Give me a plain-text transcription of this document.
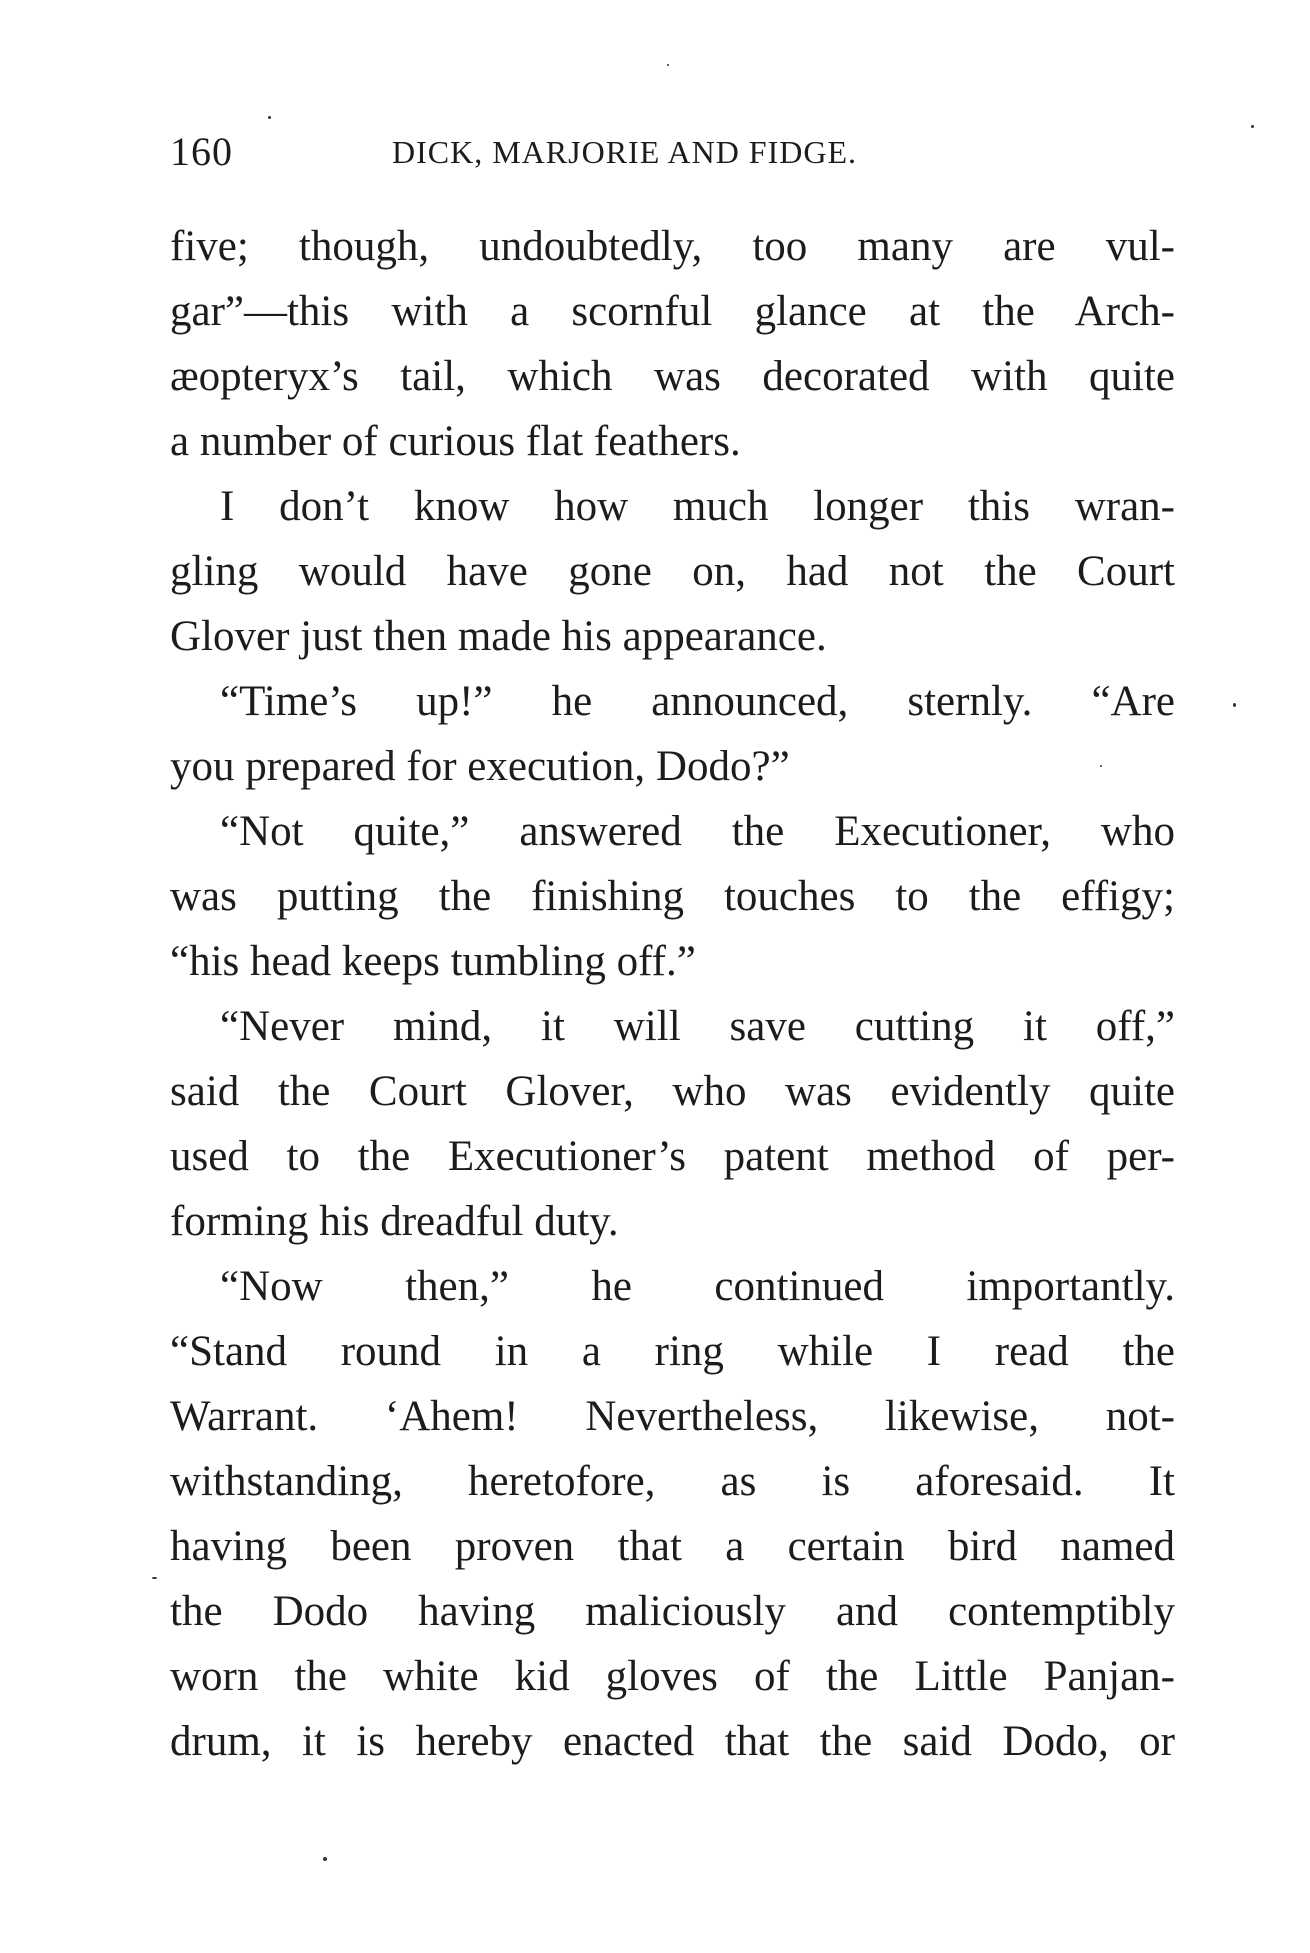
160	DICK, MARJORIE AND FIDGE.
five; though, undoubtedly, too many are vul-
gar”—this with a scornful glance at the Arch-
æopteryx’s tail, which was decorated with quite
a number of curious flat feathers.
I don’t know how much longer this wran-
gling would have gone on, had not the Court
Glover just then made his appearance.
“Time’s up!” he announced, sternly. “Are
you prepared for execution, Dodo?”
“Not quite,” answered the Executioner, who
was putting the finishing touches to the effigy;
“his head keeps tumbling off.”
“Never mind, it will save cutting it off,”
said the Court Glover, who was evidently quite
used to the Executioner’s patent method of per-
forming his dreadful duty.
“Now then,” he continued importantly.
“Stand round in a ring while I read the
Warrant. ‘Ahem! Nevertheless, likewise, not-
withstanding, heretofore, as is aforesaid. It
having been proven that a certain bird named
the Dodo having maliciously and contemptibly
worn the white kid gloves of the Little Panjan-
drum, it is hereby enacted that the said Dodo, or
